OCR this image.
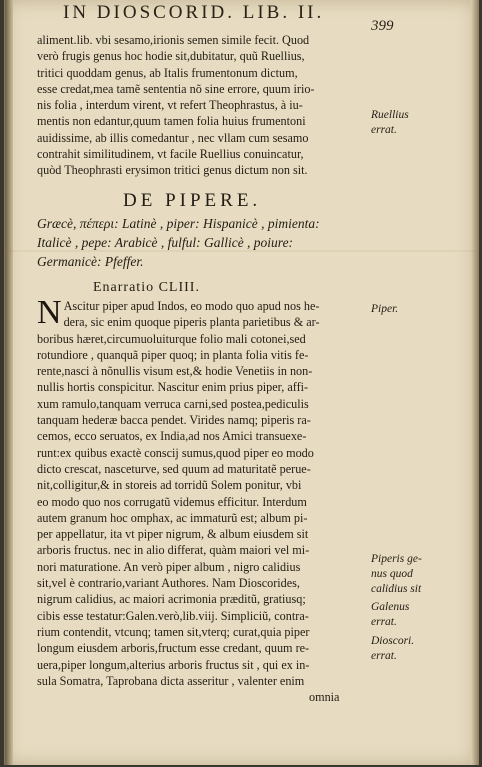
IN DIOSCORID. LIB. II.
399
aliment.lib. vbi sesamo,irionis semen simile fecit. Quod
verò frugis genus hoc hodie sit,dubitatur, quũ Ruellius,
tritici quoddam genus, ab Italis frumentonum dictum,
esse credat,mea tamẽ sententia nõ sine errore, quum irio-
nis folia , interdum virent, vt refert Theophrastus, à iu-
mentis non edantur,quum tamen folia huius frumentoni
auidissime, ab illis comedantur , nec vllam cum sesamo
contrahit similitudinem, vt facile Ruellius conuincatur,
quòd Theophrasti erysimon tritici genus dictum non sit.
DE PIPERE.
Græcè, πέπερι: Latinè , piper: Hispanicè , pimienta:
Italicè , pepe: Arabicè , fulful: Gallicè , poiure:
Germanicè: Pfeffer.
Enarratio CLIII.
N Ascitur piper apud Indos, eo modo quo apud nos he-
dera, sic enim quoque piperis planta parietibus & ar-
boribus hæret,circumuoluiturque folio mali cotonei,sed
rotundiore , quanquã piper quoq; in planta folia vitis fe-
rente,nasci à nõnullis visum est,& hodie Venetiis in non-
nullis hortis conspicitur. Nascitur enim prius piper, affi-
xum ramulo,tanquam verruca carni,sed postea,pediculis
tanquam hederæ bacca pendet. Virides namq; piperis ra-
cemos, ecco seruatos, ex India,ad nos Amici transuexe-
runt:ex quibus exactè conscij sumus,quod piper eo modo
dicto crescat, nasceturve, sed quum ad maturitatẽ perue-
nit,colligitur,& in storeis ad torridũ Solem ponitur, vbi
eo modo quo nos corrugatũ videmus efficitur. Interdum
autem granum hoc omphax, ac immaturũ est; album pi-
per appellatur, ita vt piper nigrum, & album eiusdem sit
arboris fructus. nec in alio differat, quàm maiori vel mi-
nori maturatione. An verò piper album , nigro calidius
sit,vel è contrario,variant Authores. Nam Dioscorides,
nigrum calidius, ac maiori acrimonia præditũ, gratiusq;
cibis esse testatur:Galen.verò,lib.viij. Simpliciũ, contra-
rium contendit, vtcunq; tamen sit,vterq; curat,quia piper
longum eiusdem arboris,fructum esse credant, quum re-
uera,piper longum,alterius arboris fructus sit , qui ex in-
sula Somatra, Taprobana dicta asseritur , valenter enim
omnia
Ruellius
errat.
Piper.
Piperis ge-
nus quod
calidius sit
Galenus
errat.
Dioscori.
errat.
